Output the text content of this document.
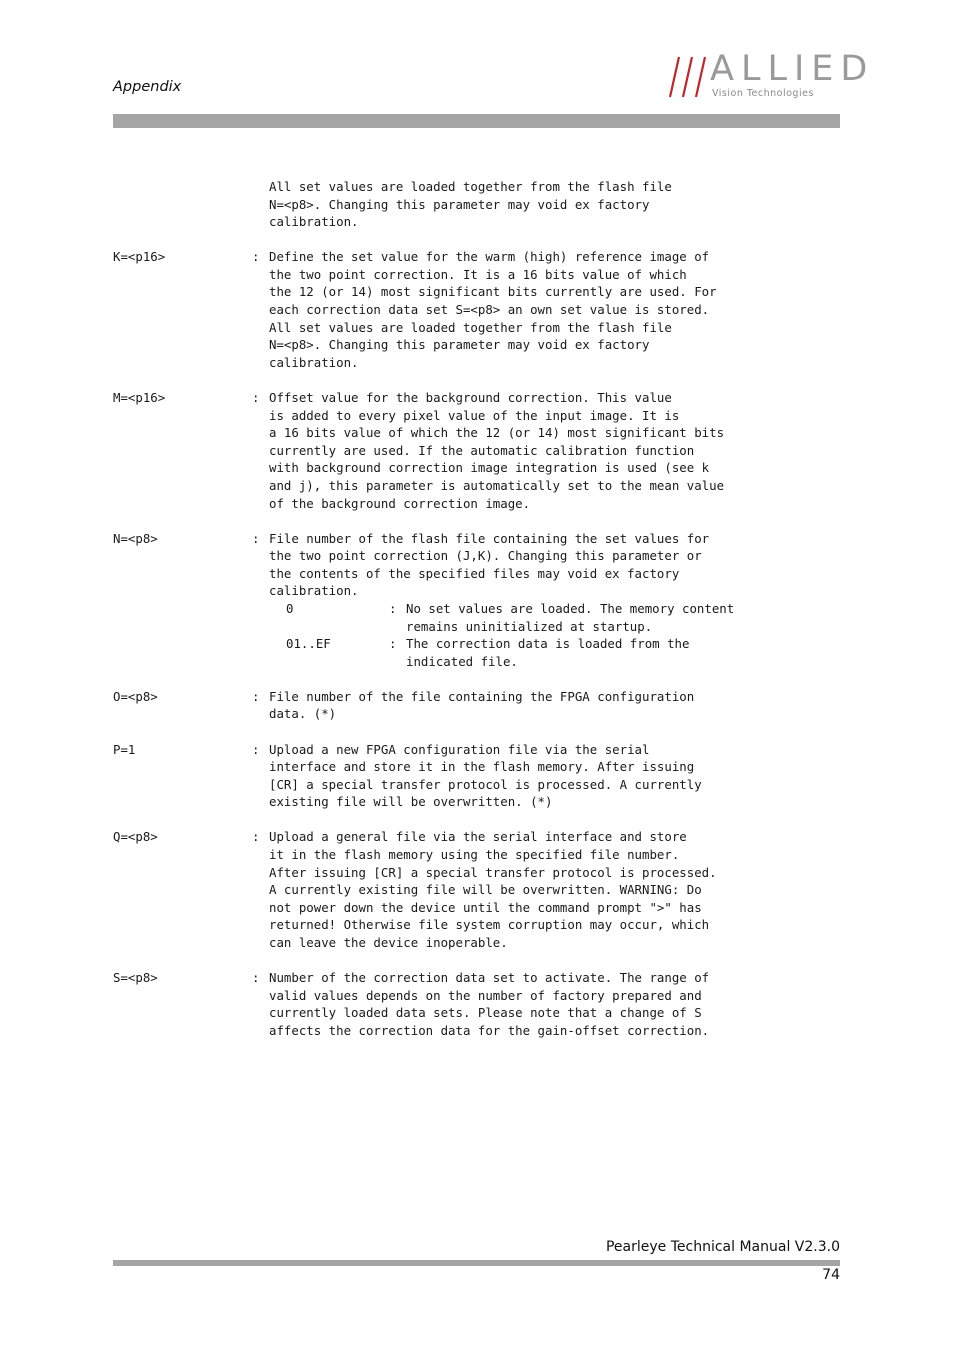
Appendix	ALLIED
Vision Technologies
All set values are loaded together from the flash file
N=<p8>. Changing this parameter may void ex factory
calibration.
K=<p16>	: Define the set value for the warm (high) reference image of
the two point correction. It is a 16 bits value of which
the 12 (or 14) most significant bits currently are used. For
each correction data set S=<p8> an own set value is stored.
All set values are loaded together from the flash file
N=<p8>. Changing this parameter may void ex factory
calibration.
M=<p16>	: Offset value for the background correction. This value
is added to every pixel value of the input image. It is
a 16 bits value of which the 12 (or 14) most significant bits
currently are used. If the automatic calibration function
with background correction image integration is used (see k
and j), this parameter is automatically set to the mean value
of the background correction image.
N=<p8>	: File number of the flash file containing the set values for
the two point correction (J,K). Changing this parameter or
the contents of the specified files may void ex factory
calibration.
0	: No set values are loaded. The memory content
remains uninitialized at startup.
01..EF	: The correction data is loaded from the
indicated file.
O=<p8>	: File number of the file containing the FPGA configuration
data. (*)
P=1	: Upload a new FPGA configuration file via the serial
interface and store it in the flash memory. After issuing
[CR] a special transfer protocol is processed. A currently
existing file will be overwritten. (*)
Q=<p8>	: Upload a general file via the serial interface and store
it in the flash memory using the specified file number.
After issuing [CR] a special transfer protocol is processed.
A currently existing file will be overwritten. WARNING: Do
not power down the device until the command prompt ">" has
returned! Otherwise file system corruption may occur, which
can leave the device inoperable.
S=<p8>	: Number of the correction data set to activate. The range of
valid values depends on the number of factory prepared and
currently loaded data sets. Please note that a change of S
affects the correction data for the gain-offset correction.
Pearleye Technical Manual V2.3.0
74
